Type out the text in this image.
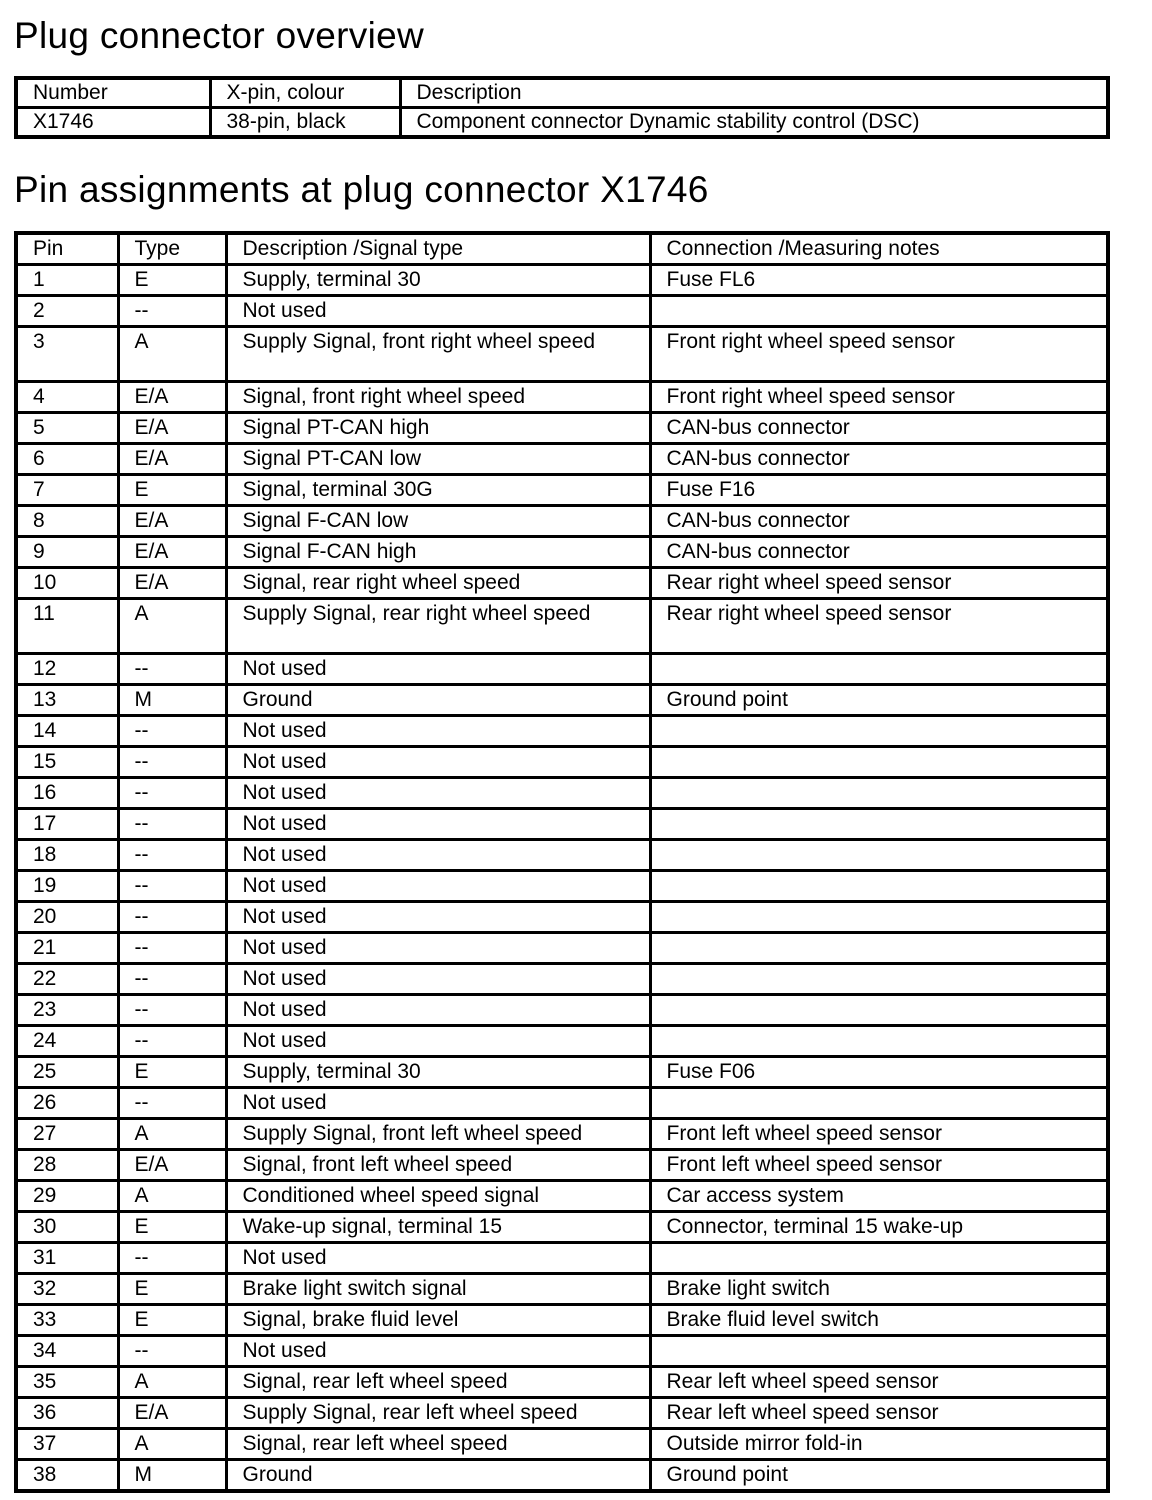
Plug connector overview
Number	X-pin, colour	Description
X1746	38-pin, black	Component connector Dynamic stability control (DSC)
Pin assignments at plug connector X1746
Pin	Type	Description /Signal type	Connection /Measuring notes
1	E	Supply, terminal 30	Fuse FL6
2	--	Not used	
3	A	Supply Signal, front right wheel speed	Front right wheel speed sensor
4	E/A	Signal, front right wheel speed	Front right wheel speed sensor
5	E/A	Signal PT-CAN high	CAN-bus connector
6	E/A	Signal PT-CAN low	CAN-bus connector
7	E	Signal, terminal 30G	Fuse F16
8	E/A	Signal F-CAN low	CAN-bus connector
9	E/A	Signal F-CAN high	CAN-bus connector
10	E/A	Signal, rear right wheel speed	Rear right wheel speed sensor
11	A	Supply Signal, rear right wheel speed	Rear right wheel speed sensor
12	--	Not used	
13	M	Ground	Ground point
14	--	Not used	
15	--	Not used	
16	--	Not used	
17	--	Not used	
18	--	Not used	
19	--	Not used	
20	--	Not used	
21	--	Not used	
22	--	Not used	
23	--	Not used	
24	--	Not used	
25	E	Supply, terminal 30	Fuse F06
26	--	Not used	
27	A	Supply Signal, front left wheel speed	Front left wheel speed sensor
28	E/A	Signal, front left wheel speed	Front left wheel speed sensor
29	A	Conditioned wheel speed signal	Car access system
30	E	Wake-up signal, terminal 15	Connector, terminal 15 wake-up
31	--	Not used	
32	E	Brake light switch signal	Brake light switch
33	E	Signal, brake fluid level	Brake fluid level switch
34	--	Not used	
35	A	Signal, rear left wheel speed	Rear left wheel speed sensor
36	E/A	Supply Signal, rear left wheel speed	Rear left wheel speed sensor
37	A	Signal, rear left wheel speed	Outside mirror fold-in
38	M	Ground	Ground point
